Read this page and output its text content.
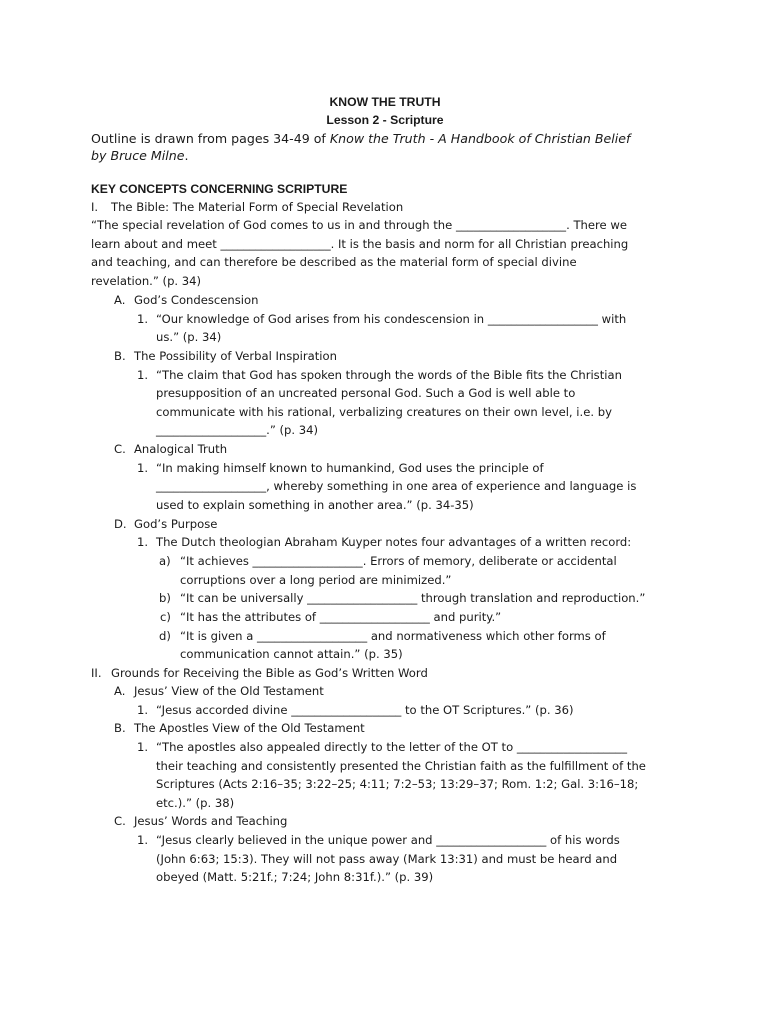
KNOW THE TRUTH

Lesson 2 - Scripture

Outline is drawn from pages 34-49 of Know the Truth - A Handbook of Christian Belief

by Bruce Milne.

KEY CONCEPTS CONCERNING SCRIPTURE

I. The Bible: The Material Form of Special Revelation

“The special revelation of God comes to us in and through the ___________________. There we

learn about and meet ___________________. It is the basis and norm for all Christian preaching

and teaching, and can therefore be described as the material form of special divine

revelation.” (p. 34)

A. God’s Condescension

1. “Our knowledge of God arises from his condescension in ___________________ with

us.” (p. 34)

B. The Possibility of Verbal Inspiration

1. “The claim that God has spoken through the words of the Bible fits the Christian

presupposition of an uncreated personal God. Such a God is well able to

communicate with his rational, verbalizing creatures on their own level, i.e. by

___________________.” (p. 34)

C. Analogical Truth

1. “In making himself known to humankind, God uses the principle of

___________________, whereby something in one area of experience and language is

used to explain something in another area.” (p. 34-35)

D. God’s Purpose

1. The Dutch theologian Abraham Kuyper notes four advantages of a written record:

a) “It achieves ___________________. Errors of memory, deliberate or accidental

corruptions over a long period are minimized.”

b) “It can be universally ___________________ through translation and reproduction.”

c) “It has the attributes of ___________________ and purity.”

d) “It is given a ___________________ and normativeness which other forms of

communication cannot attain.” (p. 35)

II. Grounds for Receiving the Bible as God’s Written Word

A. Jesus’ View of the Old Testament

1. “Jesus accorded divine ___________________ to the OT Scriptures.” (p. 36)

B. The Apostles View of the Old Testament

1. “The apostles also appealed directly to the letter of the OT to ___________________

their teaching and consistently presented the Christian faith as the fulfillment of the

Scriptures (Acts 2:16–35; 3:22–25; 4:11; 7:2–53; 13:29–37; Rom. 1:2; Gal. 3:16–18;

etc.).” (p. 38)

C. Jesus’ Words and Teaching

1. “Jesus clearly believed in the unique power and ___________________ of his words

(John 6:63; 15:3). They will not pass away (Mark 13:31) and must be heard and

obeyed (Matt. 5:21f.; 7:24; John 8:31f.).” (p. 39)
